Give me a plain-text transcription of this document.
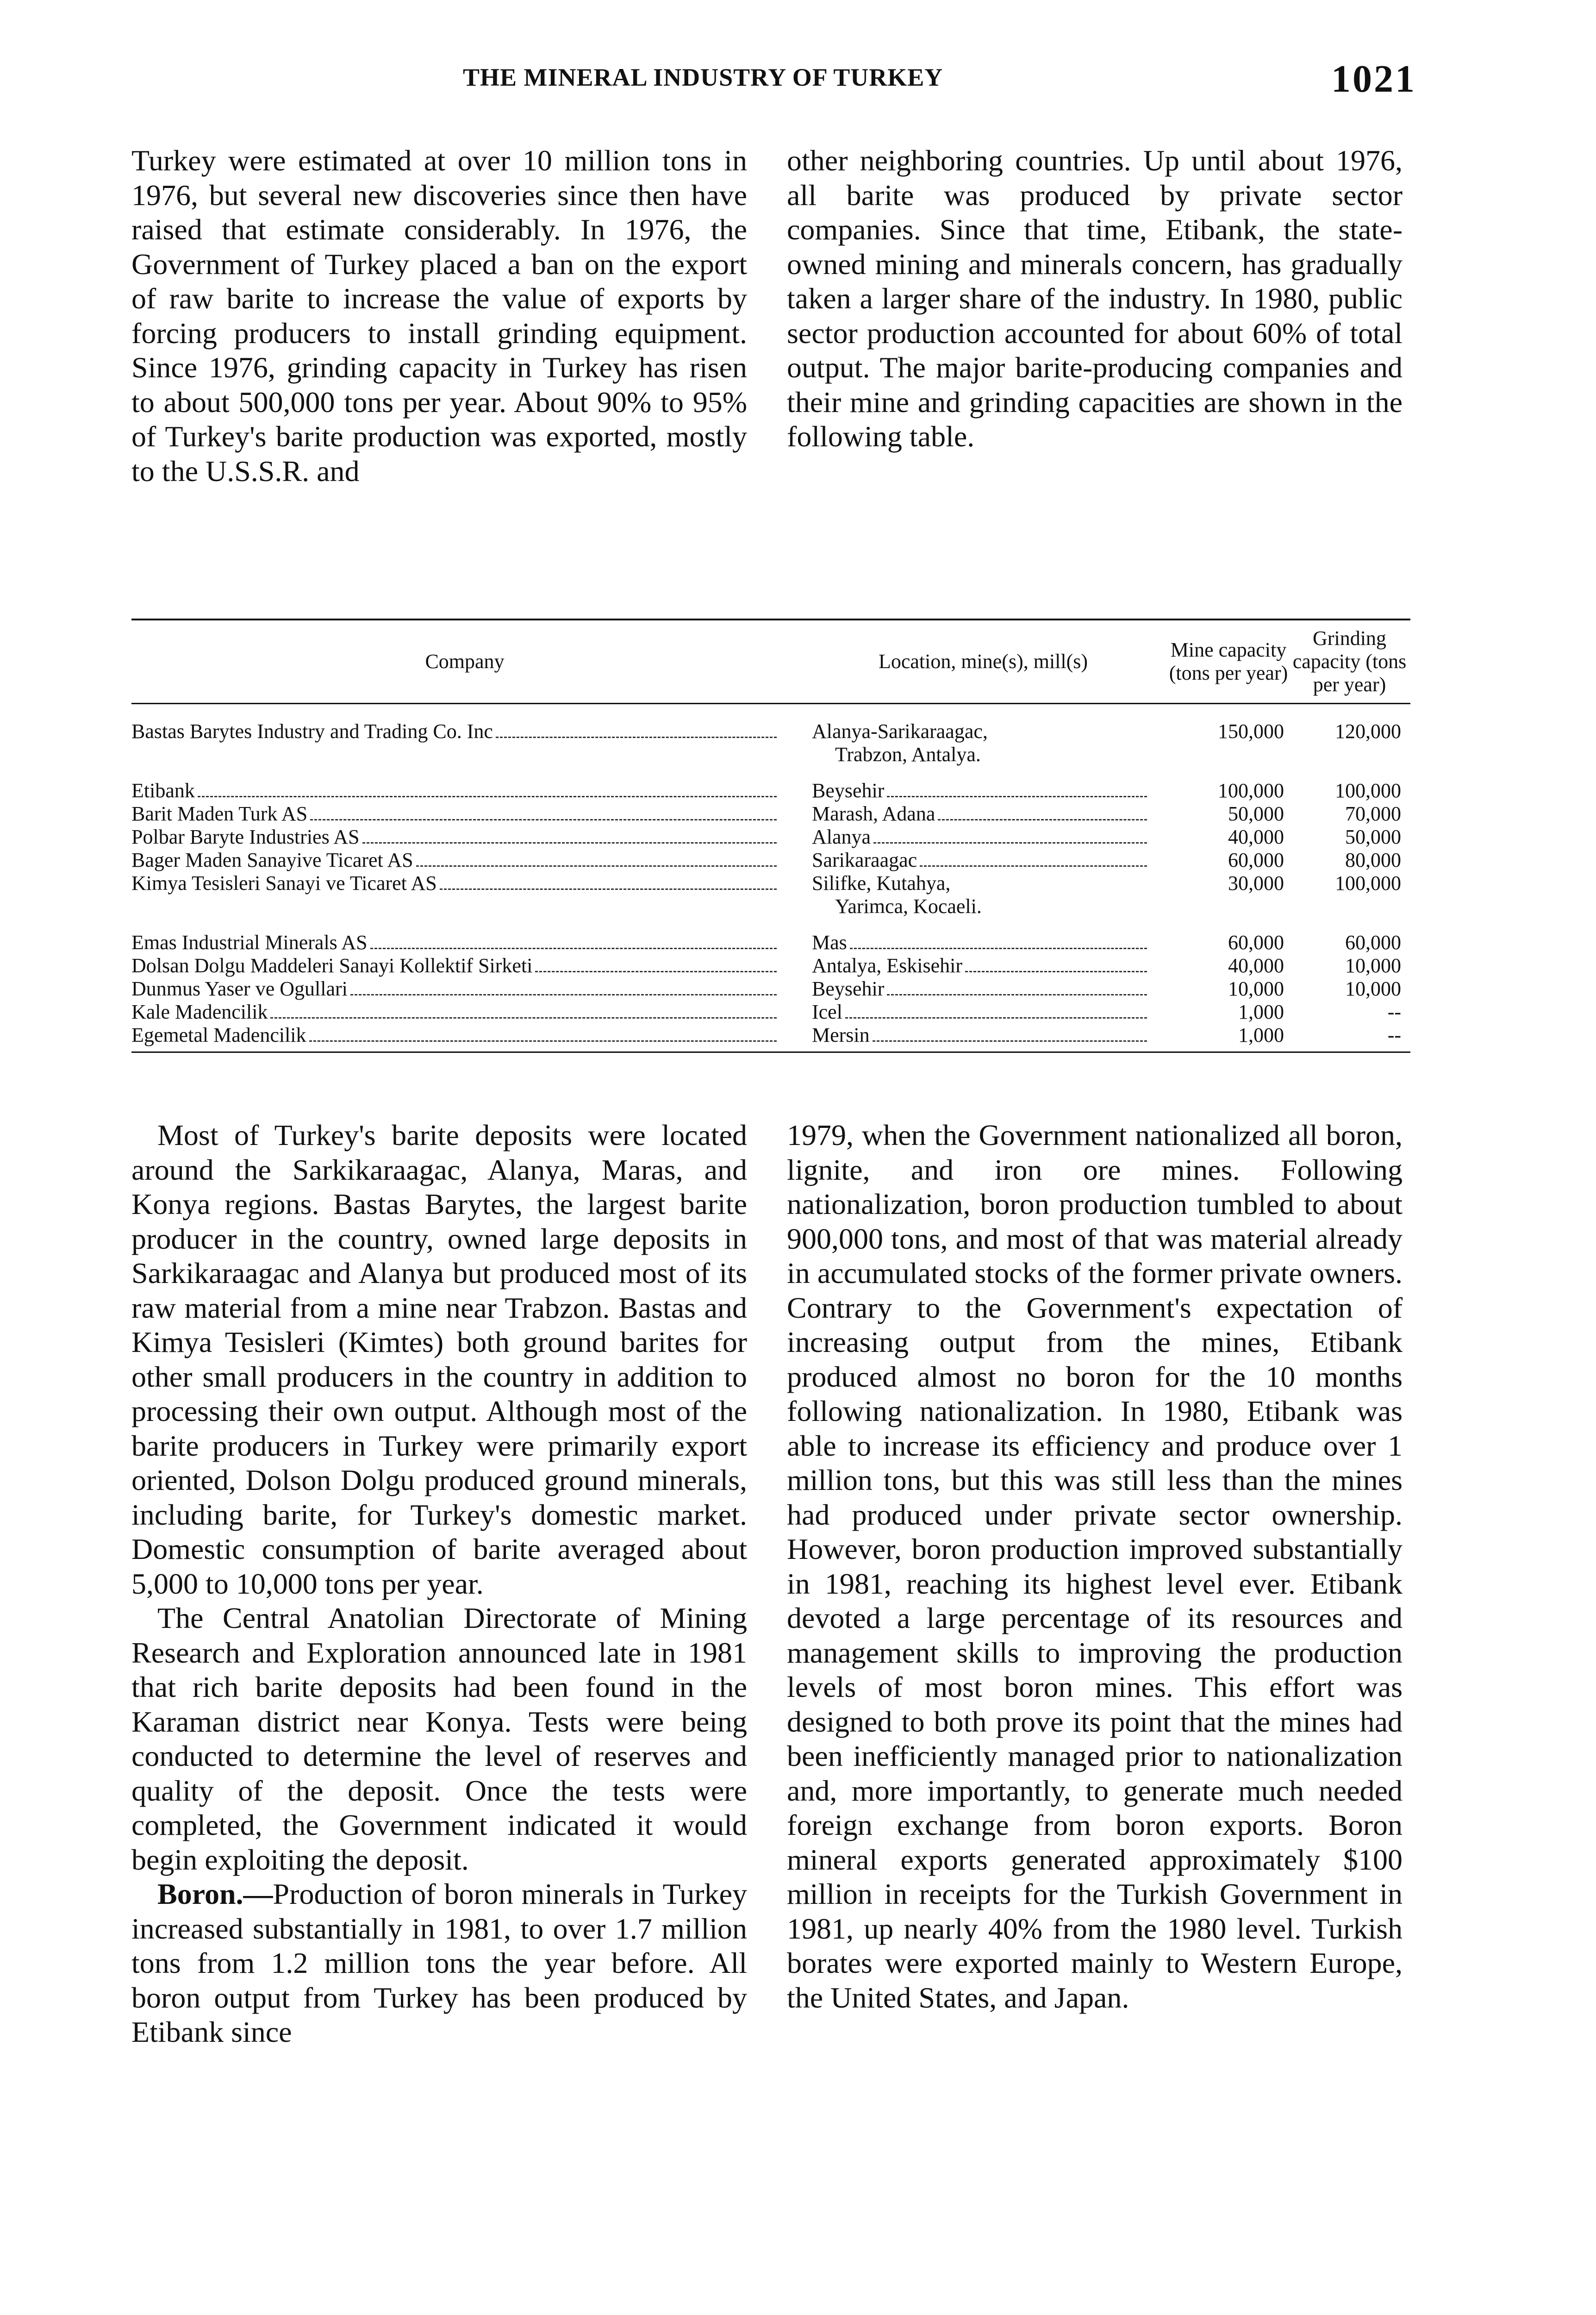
THE MINERAL INDUSTRY OF TURKEY	1021

Turkey were estimated at over 10 million tons in 1976, but several new discoveries since then have raised that estimate considerably. In 1976, the Government of Turkey placed a ban on the export of raw barite to increase the value of exports by forcing producers to install grinding equipment. Since 1976, grinding capacity in Turkey has risen to about 500,000 tons per year. About 90% to 95% of Turkey's barite production was exported, mostly to the U.S.S.R. and

other neighboring countries. Up until about 1976, all barite was produced by private sector companies. Since that time, Etibank, the state-owned mining and minerals concern, has gradually taken a larger share of the industry. In 1980, public sector production accounted for about 60% of total output. The major barite-producing companies and their mine and grinding capacities are shown in the following table.

Company	Location, mine(s), mill(s)	Mine capacity (tons per year)	Grinding capacity (tons per year)
Bastas Barytes Industry and Trading Co. Inc	Alanya-Sarikaraagac,
Trabzon, Antalya.	150,000	120,000
Etibank	Beysehir	100,000	100,000
Barit Maden Turk AS	Marash, Adana	50,000	70,000
Polbar Baryte Industries AS	Alanya	40,000	50,000
Bager Maden Sanayive Ticaret AS	Sarikaraagac	60,000	80,000
Kimya Tesisleri Sanayi ve Ticaret AS	Silifke, Kutahya,
Yarimca, Kocaeli.	30,000	100,000
Emas Industrial Minerals AS	Mas	60,000	60,000
Dolsan Dolgu Maddeleri Sanayi Kollektif Sirketi	Antalya, Eskisehir	40,000	10,000
Dunmus Yaser ve Ogullari	Beysehir	10,000	10,000
Kale Madencilik	Icel	1,000	--
Egemetal Madencilik	Mersin	1,000	--

Most of Turkey's barite deposits were located around the Sarkikaraagac, Alanya, Maras, and Konya regions. Bastas Barytes, the largest barite producer in the country, owned large deposits in Sarkikaraagac and Alanya but produced most of its raw material from a mine near Trabzon. Bastas and Kimya Tesisleri (Kimtes) both ground barites for other small producers in the country in addition to processing their own output. Although most of the barite producers in Turkey were primarily export oriented, Dolson Dolgu produced ground minerals, including barite, for Turkey's domestic market. Domestic consumption of barite averaged about 5,000 to 10,000 tons per year.

The Central Anatolian Directorate of Mining Research and Exploration announced late in 1981 that rich barite deposits had been found in the Karaman district near Konya. Tests were being conducted to determine the level of reserves and quality of the deposit. Once the tests were completed, the Government indicated it would begin exploiting the deposit.

Boron.—Production of boron minerals in Turkey increased substantially in 1981, to over 1.7 million tons from 1.2 million tons the year before. All boron output from Turkey has been produced by Etibank since

1979, when the Government nationalized all boron, lignite, and iron ore mines. Following nationalization, boron production tumbled to about 900,000 tons, and most of that was material already in accumulated stocks of the former private owners. Contrary to the Government's expectation of increasing output from the mines, Etibank produced almost no boron for the 10 months following nationalization. In 1980, Etibank was able to increase its efficiency and produce over 1 million tons, but this was still less than the mines had produced under private sector ownership. However, boron production improved substantially in 1981, reaching its highest level ever. Etibank devoted a large percentage of its resources and management skills to improving the production levels of most boron mines. This effort was designed to both prove its point that the mines had been inefficiently managed prior to nationalization and, more importantly, to generate much needed foreign exchange from boron exports. Boron mineral exports generated approximately $100 million in receipts for the Turkish Government in 1981, up nearly 40% from the 1980 level. Turkish borates were exported mainly to Western Europe, the United States, and Japan.
